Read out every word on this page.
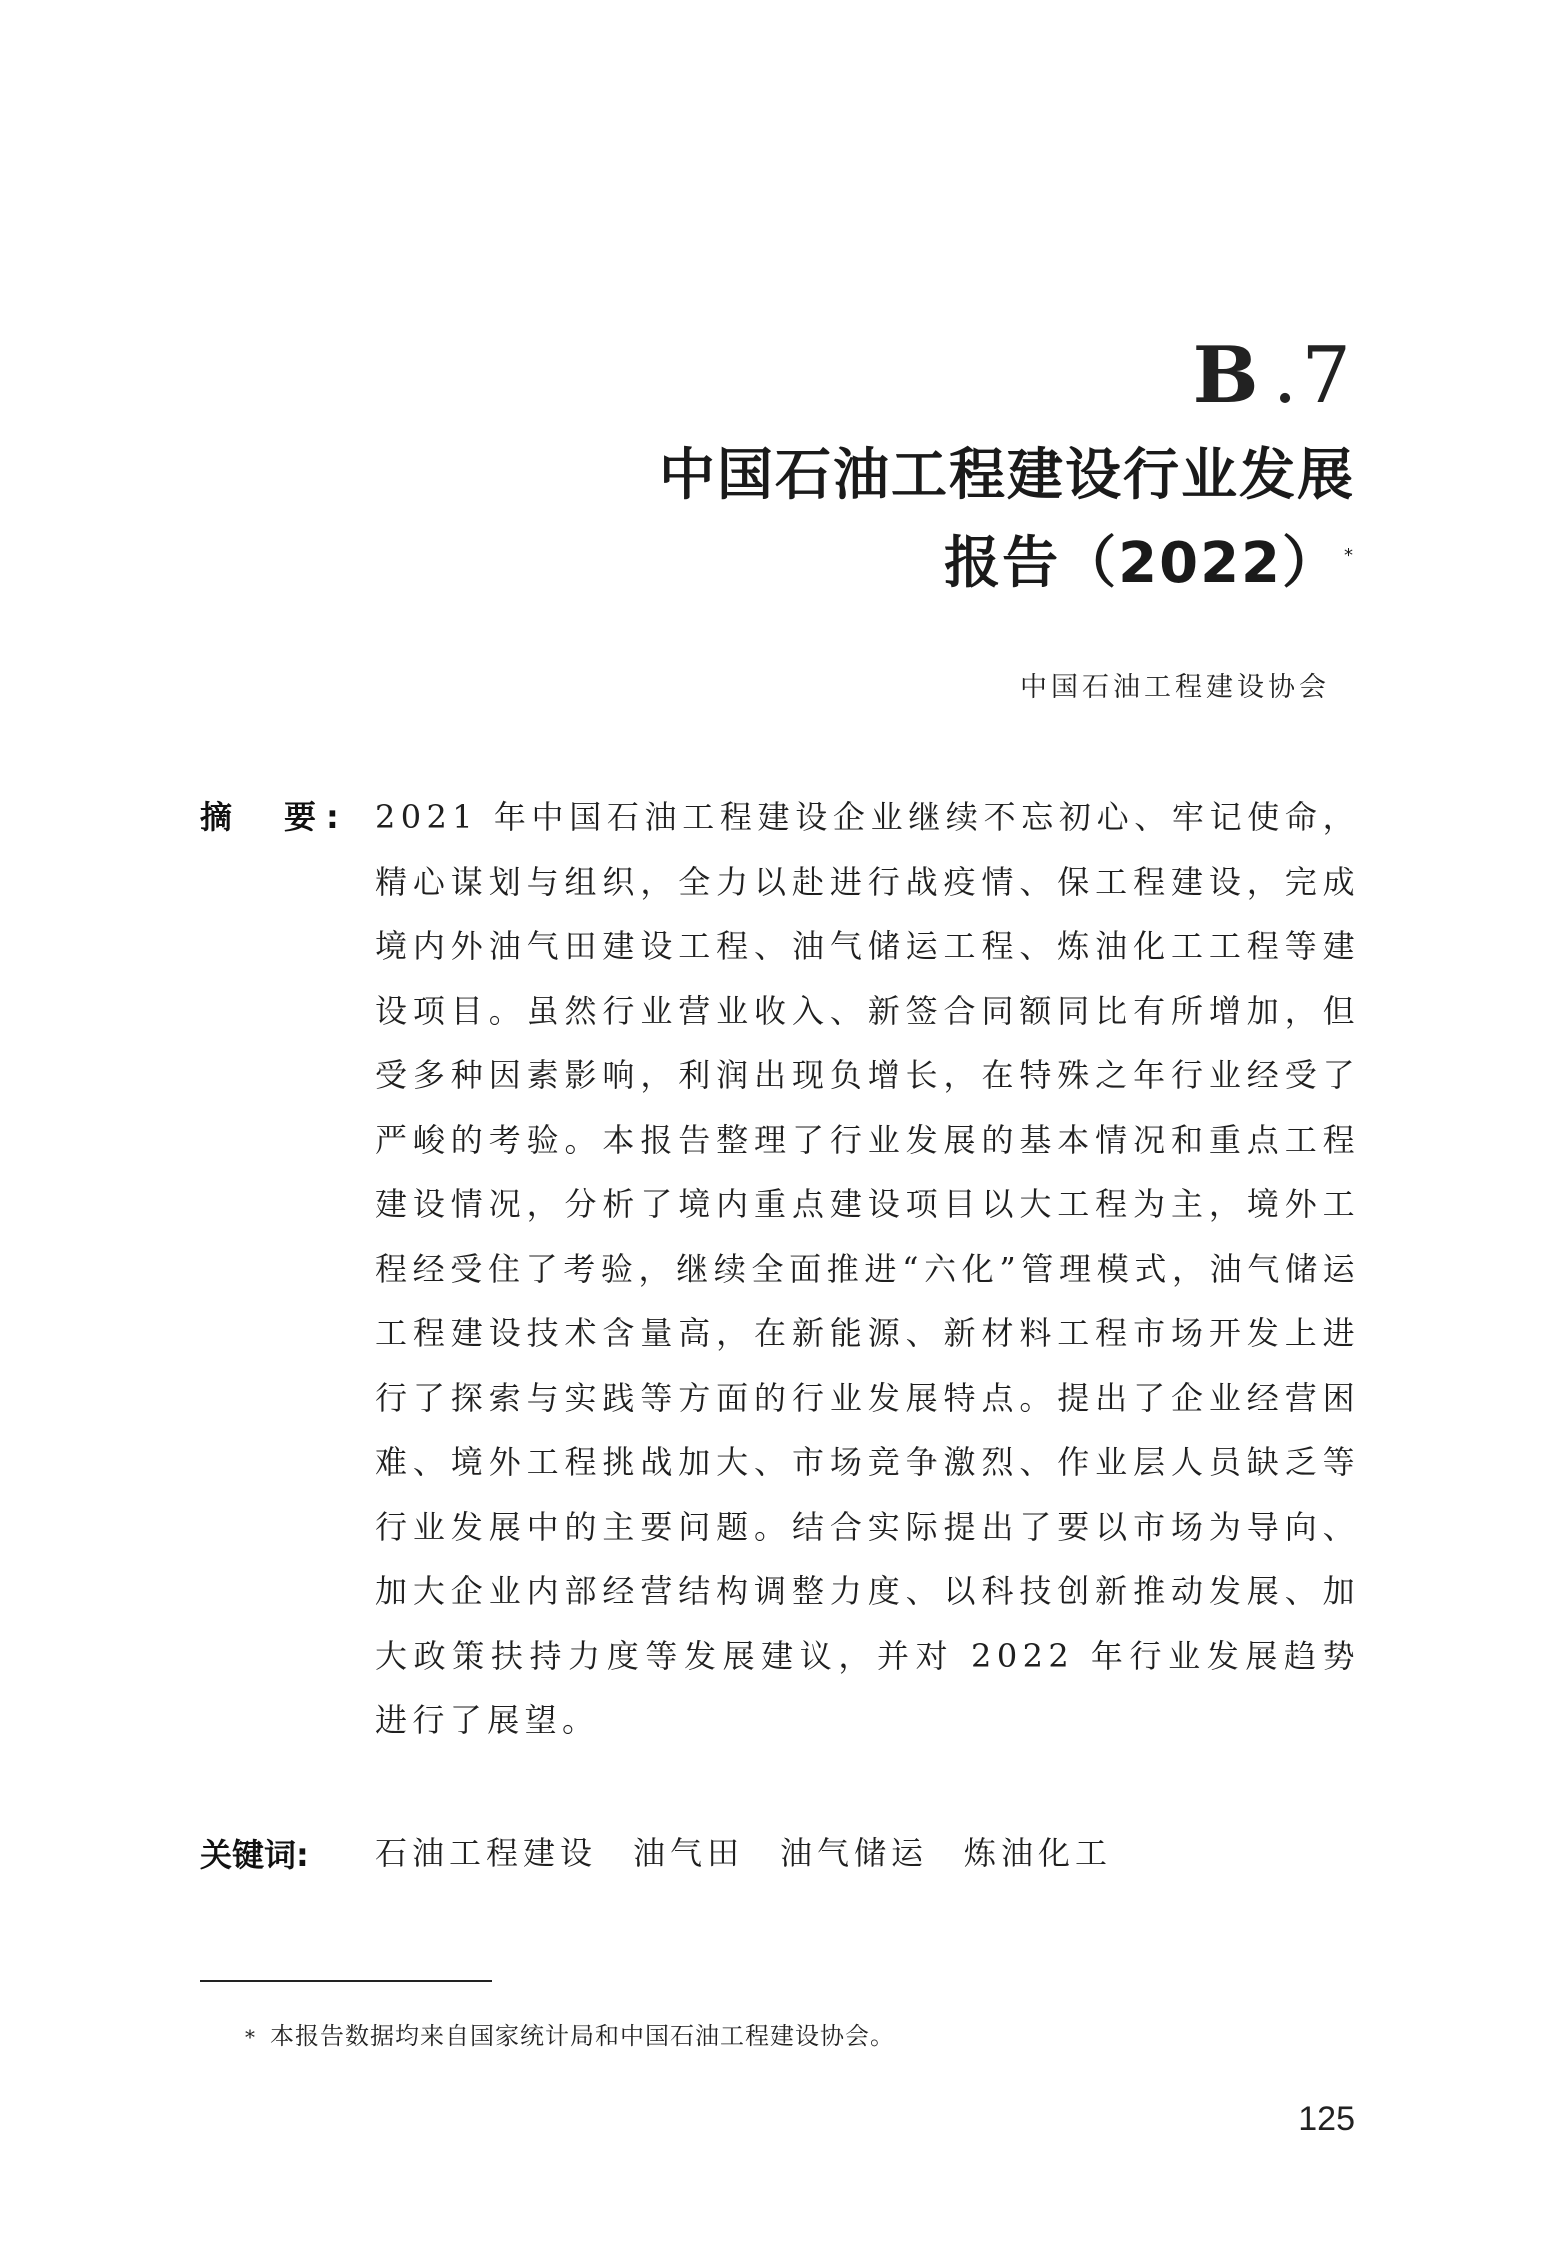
B .7
中国石油工程建设行业发展
报告（2022） *
中国石油工程建设协会
摘　要: 2021 年中国石油工程建设企业继续不忘初心、牢记使命，精心谋划与组织，全力以赴进行战疫情、保工程建设，完成境内外油气田建设工程、油气储运工程、炼油化工工程等建设项目。虽然行业营业收入、新签合同额同比有所增加，但受多种因素影响，利润出现负增长，在特殊之年行业经受了严峻的考验。本报告整理了行业发展的基本情况和重点工程建设情况，分析了境内重点建设项目以大工程为主，境外工程经受住了考验，继续全面推进“六化”管理模式，油气储运工程建设技术含量高，在新能源、新材料工程市场开发上进行了探索与实践等方面的行业发展特点。提出了企业经营困难、境外工程挑战加大、市场竞争激烈、作业层人员缺乏等行业发展中的主要问题。结合实际提出了要以市场为导向、加大企业内部经营结构调整力度、以科技创新推动发展、加大政策扶持力度等发展建议，并对 2022 年行业发展趋势进行了展望。
关键词: 石油工程建设 油气田 油气储运 炼油化工
* 本报告数据均来自国家统计局和中国石油工程建设协会。
125
